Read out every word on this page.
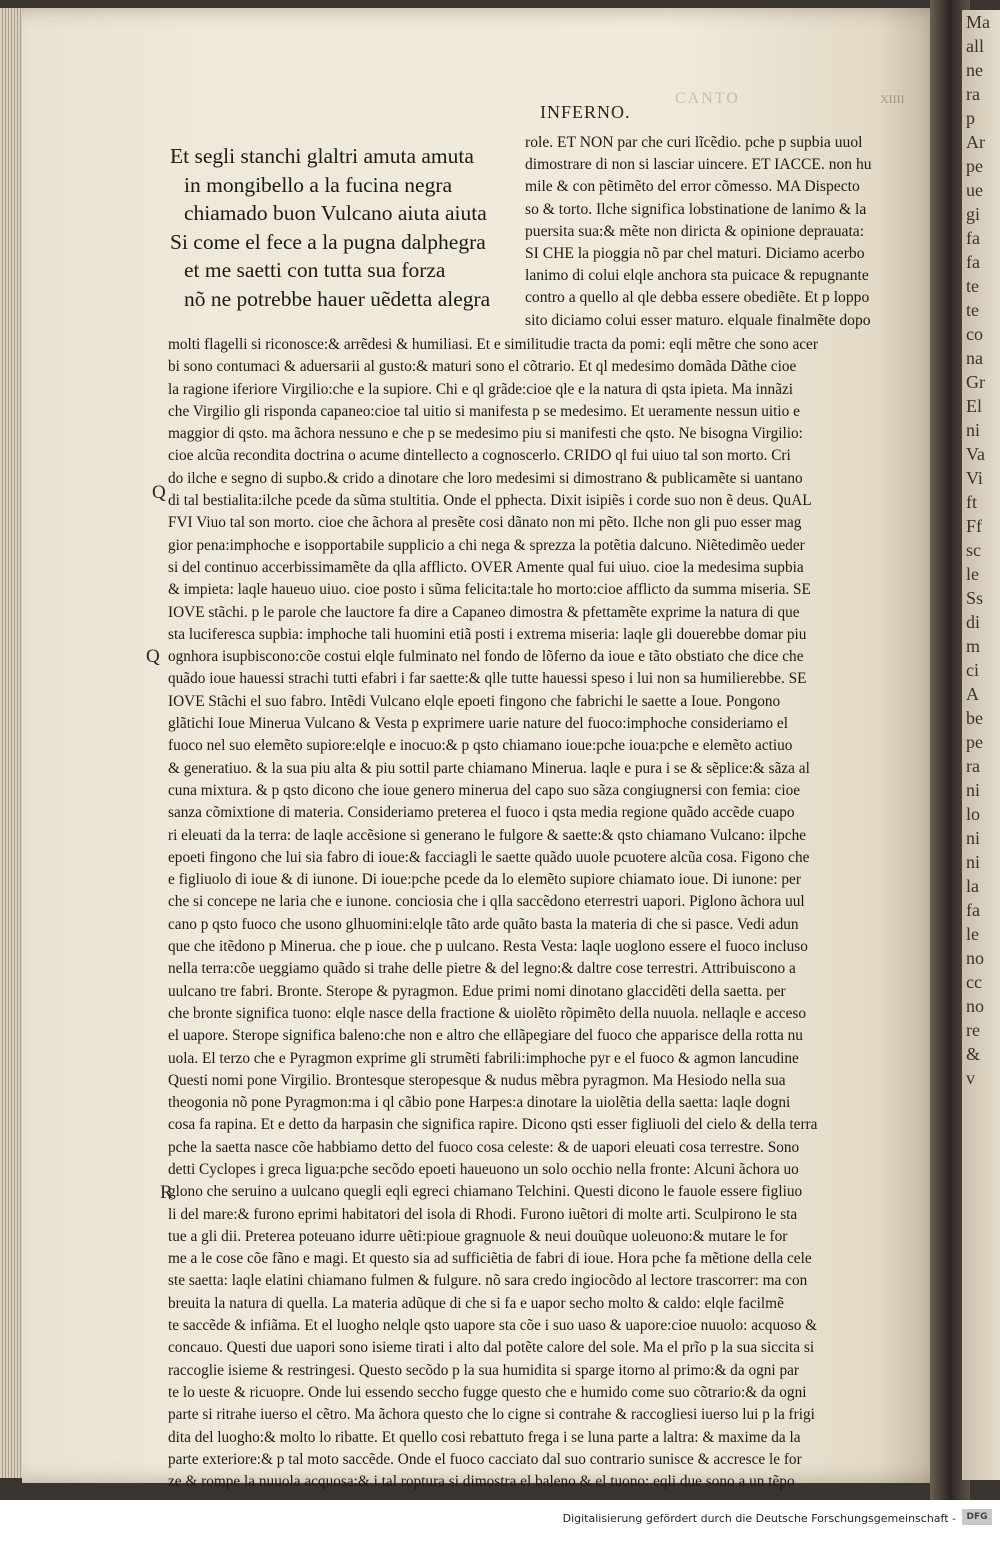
Ma
all
ne
ra
p
Ar
pe
ue
gi
fa
fa
te
te
co
na
Gr
El
ni
Va
Vi
ft
Ff
sc
le
Ss
di
m
ci
A
be
pe
ra
ni
lo
ni
ni
la
fa
le
no
cc
no
re
&
v
CANTO	XIIII
INFERNO.
Et segli stanchi glaltri amuta amuta
in mongibello a la fucina negra
chiamado buon Vulcano aiuta aiuta
Si come el fece a la pugna dalphegra
et me saetti con tutta sua forza
nõ ne potrebbe hauer uẽdetta alegra
role. ET NON par che curi lĩcẽdio. pche p supbia uuol
dimostrare di non si lasciar uincere. ET IACCE. non hu
mile & con pẽtimẽto del error cõmesso. MA Dispecto
so & torto. Ilche significa lobstinatione de lanimo & la
puersita sua:& mẽte non diricta & opinione deprauata:
SI CHE la pioggia nõ par chel maturi. Diciamo acerbo
lanimo di colui elqle anchora sta puicace & repugnante
contro a quello al qle debba essere obediẽte. Et p loppo
sito diciamo colui esser maturo. elquale finalmẽte dopo
molti flagelli si riconosce:& arrẽdesi & humiliasi. Et e similitudie tracta da pomi: eqli mẽtre che sono acer
bi sono contumaci & aduersarii al gusto:& maturi sono el cõtrario. Et ql medesimo domãda Dãthe cioe
la ragione iferiore Virgilio:che e la supiore. Chi e ql grãde:cioe qle e la natura di qsta ipieta. Ma innãzi
che Virgilio gli risponda capaneo:cioe tal uitio si manifesta p se medesimo. Et ueramente nessun uitio e
maggior di qsto. ma ãchora nessuno e che p se medesimo piu si manifesti che qsto. Ne bisogna Virgilio:
cioe alcũa recondita doctrina o acume dintellecto a cognoscerlo. CRIDO ql fui uiuo tal son morto. Cri
do ilche e segno di supbo.& crido a dinotare che loro medesimi si dimostrano & publicamẽte si uantano
di tal bestialita:ilche pcede da sũma stultitia. Onde el pphecta. Dixit isipiẽs i corde suo non ẽ deus. QuAL
FVI Viuo tal son morto. cioe che ãchora al presẽte cosi dãnato non mi pẽto. Ilche non gli puo esser mag
gior pena:imphoche e isopportabile supplicio a chi nega & sprezza la potẽtia dalcuno. Niẽtedimẽo ueder
si del continuo accerbissimamẽte da qlla afflicto. OVER Amente qual fui uiuo. cioe la medesima supbia
& impieta: laqle haueuo uiuo. cioe posto i sũma felicita:tale ho morto:cioe afflicto da summa miseria. SE
IOVE stãchi. p le parole che lauctore fa dire a Capaneo dimostra & pfettamẽte exprime la natura di que
sta luciferesca supbia: imphoche tali huomini etiã posti i extrema miseria: laqle gli douerebbe domar piu
ognhora isupbiscono:cõe costui elqle fulminato nel fondo de lõferno da ioue e tãto obstiato che dice che
quãdo ioue hauessi strachi tutti efabri i far saette:& qlle tutte hauessi speso i lui non sa humilierebbe. SE
IOVE Stãchi el suo fabro. Intẽdi Vulcano elqle epoeti fingono che fabrichi le saette a Ioue. Pongono
glãtichi Ioue Minerua Vulcano & Vesta p exprimere uarie nature del fuoco:imphoche consideriamo el
fuoco nel suo elemẽto supiore:elqle e inocuo:& p qsto chiamano ioue:pche ioua:pche e elemẽto actiuo
& generatiuo. & la sua piu alta & piu sottil parte chiamano Minerua. laqle e pura i se & sẽplice:& sãza al
cuna mixtura. & p qsto dicono che ioue genero minerua del capo suo sãza congiugnersi con femia: cioe
sanza cõmixtione di materia. Consideriamo preterea el fuoco i qsta media regione quãdo accẽde cuapo
ri eleuati da la terra: de laqle accẽsione si generano le fulgore & saette:& qsto chiamano Vulcano: ilpche
epoeti fingono che lui sia fabro di ioue:& facciagli le saette quãdo uuole pcuotere alcũa cosa. Figono che
e figliuolo di ioue & di iunone. Di ioue:pche pcede da lo elemẽto supiore chiamato ioue. Di iunone: per
che si concepe ne laria che e iunone. conciosia che i qlla saccẽdono eterrestri uapori. Piglono ãchora uul
cano p qsto fuoco che usono glhuomini:elqle tãto arde quãto basta la materia di che si pasce. Vedi adun
que che itẽdono p Minerua. che p ioue. che p uulcano. Resta Vesta: laqle uoglono essere el fuoco incluso
nella terra:cõe ueggiamo quãdo si trahe delle pietre & del legno:& daltre cose terrestri. Attribuiscono a
uulcano tre fabri. Bronte. Sterope & pyragmon. Edue primi nomi dinotano glaccidẽti della saetta. per
che bronte significa tuono: elqle nasce della fractione & uiolẽto rõpimẽto della nuuola. nellaqle e acceso
el uapore. Sterope significa baleno:che non e altro che ellãpegiare del fuoco che apparisce della rotta nu
uola. El terzo che e Pyragmon exprime gli strumẽti fabrili:imphoche pyr e el fuoco & agmon lancudine
Questi nomi pone Virgilio. Brontesque steropesque & nudus mẽbra pyragmon. Ma Hesiodo nella sua
theogonia nõ pone Pyragmon:ma i ql cãbio pone Harpes:a dinotare la uiolẽtia della saetta: laqle dogni
cosa fa rapina. Et e detto da harpasin che significa rapire. Dicono qsti esser figliuoli del cielo & della terra
pche la saetta nasce cõe habbiamo detto del fuoco cosa celeste: & de uapori eleuati cosa terrestre. Sono
detti Cyclopes i greca ligua:pche secõdo epoeti haueuono un solo occhio nella fronte: Alcuni ãchora uo
glono che seruino a uulcano quegli eqli egreci chiamano Telchini. Questi dicono le fauole essere figliuo
li del mare:& furono eprimi habitatori del isola di Rhodi. Furono iuẽtori di molte arti. Sculpirono le sta
tue a gli dii. Preterea poteuano idurre uẽti:pioue gragnuole & neui douũque uoleuono:& mutare le for
me a le cose cõe fãno e magi. Et questo sia ad sufficiẽtia de fabri di ioue. Hora pche fa mẽtione della cele
ste saetta: laqle elatini chiamano fulmen & fulgure. nõ sara credo ingiocõdo al lectore trascorrer: ma con
breuita la natura di quella. La materia adũque di che si fa e uapor secho molto & caldo: elqle facilmẽ
te saccẽde & infiãma. Et el luogho nelqle qsto uapore sta cõe i suo uaso & uapore:cioe nuuolo: acquoso &
concauo. Questi due uapori sono isieme tirati i alto dal potẽte calore del sole. Ma el prĩo p la sua siccita si
raccoglie isieme & restringesi. Questo secõdo p la sua humidita si sparge itorno al primo:& da ogni par
te lo ueste & ricuopre. Onde lui essendo seccho fugge questo che e humido come suo cõtrario:& da ogni
parte si ritrahe iuerso el cẽtro. Ma ãchora questo che lo cigne si contrahe & raccogliesi iuerso lui p la frigi
dita del luogho:& molto lo ribatte. Et quello cosi rebattuto frega i se luna parte a laltra: & maxime da la
parte exteriore:& p tal moto saccẽde. Onde el fuoco cacciato dal suo contrario sunisce & accresce le for
ze & rompe la nuuola acquosa:& i tal roptura si dimostra el baleno & el tuono: eqli due sono a un tẽpo
Q
Q
R
Digitalisierung gefördert durch die Deutsche Forschungsgemeinschaft -	DFG
